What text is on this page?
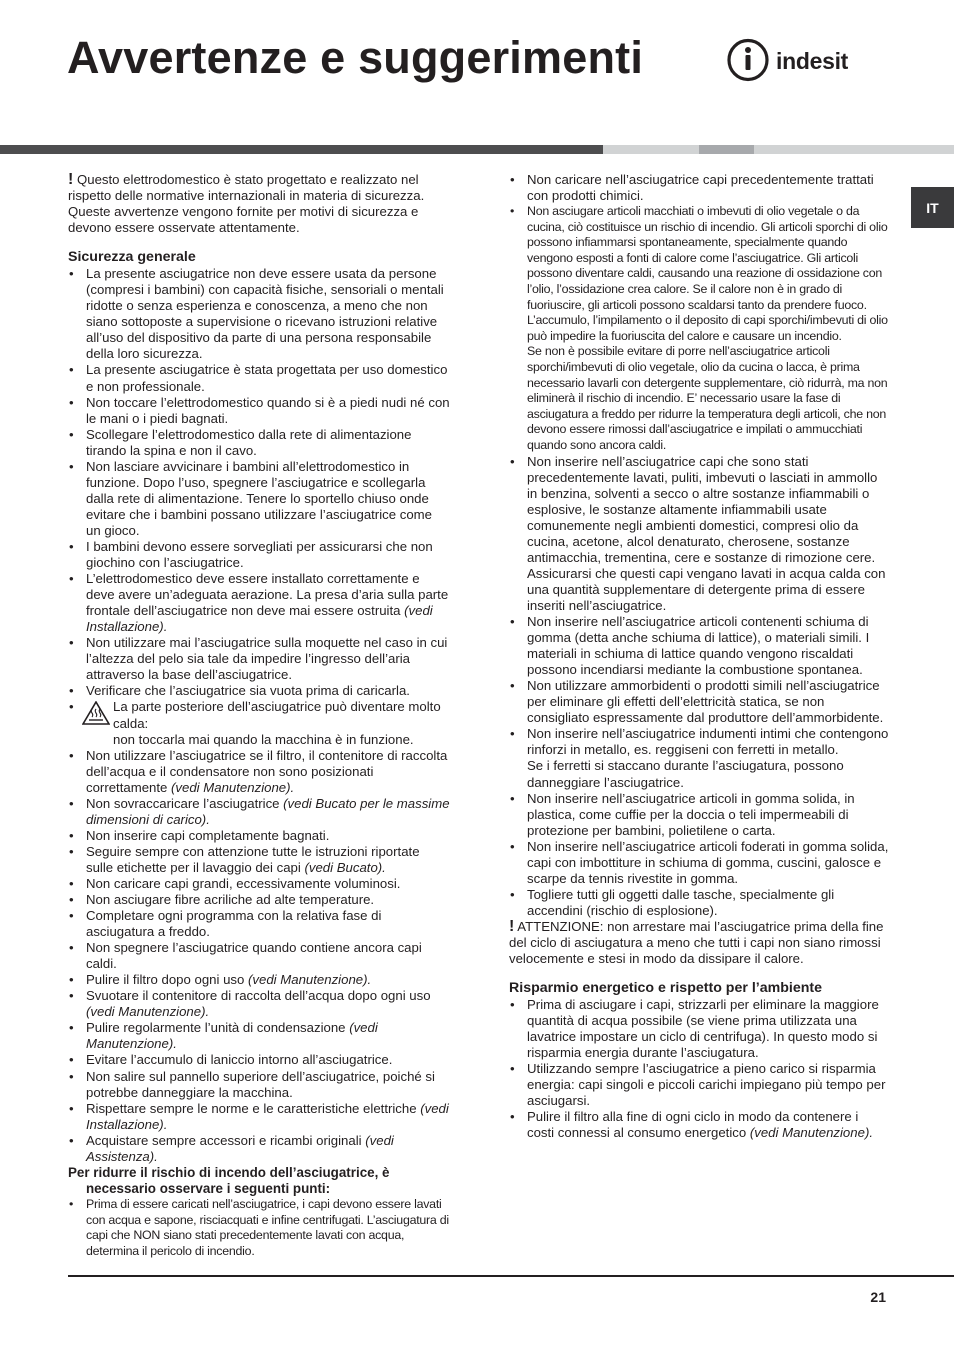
Avvertenze e suggerimenti	indesit
IT

! Questo elettrodomestico è stato progettato e realizzato nel rispetto delle normative internazionali in materia di sicurezza. Queste avvertenze vengono fornite per motivi di sicurezza e devono essere osservate attentamente.

Sicurezza generale
• La presente asciugatrice non deve essere usata da persone (compresi i bambini) con capacità fisiche, sensoriali o mentali ridotte o senza esperienza e conoscenza, a meno che non siano sottoposte a supervisione o ricevano istruzioni relative all’uso del dispositivo da parte di una persona responsabile della loro sicurezza.
• La presente asciugatrice è stata progettata per uso domestico e non professionale.
• Non toccare l’elettrodomestico quando si è a piedi nudi né con le mani o i piedi bagnati.
• Scollegare l’elettrodomestico dalla rete di alimentazione tirando la spina e non il cavo.
• Non lasciare avvicinare i bambini all’elettrodomestico in funzione. Dopo l’uso, spegnere l’asciugatrice e scollegarla dalla rete di alimentazione. Tenere lo sportello chiuso onde evitare che i bambini possano utilizzare l’asciugatrice come un gioco.
• I bambini devono essere sorvegliati per assicurarsi che non giochino con l’asciugatrice.
• L’elettrodomestico deve essere installato correttamente e deve avere un’adeguata aerazione. La presa d’aria sulla parte frontale dell’asciugatrice non deve mai essere ostruita (vedi Installazione).
• Non utilizzare mai l’asciugatrice sulla moquette nel caso in cui l’altezza del pelo sia tale da impedire l’ingresso dell’aria attraverso la base dell’asciugatrice.
• Verificare che l’asciugatrice sia vuota prima di caricarla.
• La parte posteriore dell’asciugatrice può diventare molto calda:
non toccarla mai quando la macchina è in funzione.
• Non utilizzare l’asciugatrice se il filtro, il contenitore di raccolta dell’acqua e il condensatore non sono posizionati correttamente (vedi Manutenzione).
• Non sovraccaricare l’asciugatrice (vedi Bucato per le massime dimensioni di carico).
• Non inserire capi completamente bagnati.
• Seguire sempre con attenzione tutte le istruzioni riportate sulle etichette per il lavaggio dei capi (vedi Bucato).
• Non caricare capi grandi, eccessivamente voluminosi.
• Non asciugare fibre acriliche ad alte temperature.
• Completare ogni programma con la relativa fase di asciugatura a freddo.
• Non spegnere l’asciugatrice quando contiene ancora capi caldi.
• Pulire il filtro dopo ogni uso (vedi Manutenzione).
• Svuotare il contenitore di raccolta dell’acqua dopo ogni uso (vedi Manutenzione).
• Pulire regolarmente l’unità di condensazione (vedi Manutenzione).
• Evitare l’accumulo di laniccio intorno all’asciugatrice.
• Non salire sul pannello superiore dell’asciugatrice, poiché si potrebbe danneggiare la macchina.
• Rispettare sempre le norme e le caratteristiche elettriche (vedi Installazione).
• Acquistare sempre accessori e ricambi originali (vedi Assistenza).

Per ridurre il rischio di incendo dell’asciugatrice, è
necessario osservare i seguenti punti:

• Prima di essere caricati nell’asciugatrice, i capi devono essere lavati con acqua e sapone, risciacquati e infine centrifugati. L’asciugatura di capi che NON siano stati precedentemente lavati con acqua, determina il pericolo di incendio.
• Non caricare nell’asciugatrice capi precedentemente trattati con prodotti chimici.
• Non asciugare articoli macchiati o imbevuti di olio vegetale o da cucina, ciò costituisce un rischio di incendio. Gli articoli sporchi di olio possono infiammarsi spontaneamente, specialmente quando vengono esposti a fonti di calore come l’asciugatrice. Gli articoli possono diventare caldi, causando una reazione di ossidazione con l’olio, l’ossidazione crea calore. Se il calore non è in grado di fuoriuscire, gli articoli possono scaldarsi tanto da prendere fuoco. L’accumulo, l’impilamento o il deposito di capi sporchi/imbevuti di olio può impedire la fuoriuscita del calore e causare un incendio.
Se non è possibile evitare di porre nell’asciugatrice articoli sporchi/imbevuti di olio vegetale, olio da cucina o lacca, è prima necessario lavarli con detergente supplementare, ciò ridurrà, ma non eliminerà il rischio di incendio. E’ necessario usare la fase di asciugatura a freddo per ridurre la temperatura degli articoli, che non devono essere rimossi dall’asciugatrice e impilati o ammucchiati quando sono ancora caldi.
• Non inserire nell’asciugatrice capi che sono stati precedentemente lavati, puliti, imbevuti o lasciati in ammollo in benzina, solventi a secco o altre sostanze infiammabili o esplosive, le sostanze altamente infiammabili usate comunemente negli ambienti domestici, compresi olio da cucina, acetone, alcol denaturato, cherosene, sostanze antimacchia, trementina, cere e sostanze di rimozione cere. Assicurarsi che questi capi vengano lavati in acqua calda con una quantità supplementare di detergente prima di essere inseriti nell’asciugatrice.
• Non inserire nell’asciugatrice articoli contenenti schiuma di gomma (detta anche schiuma di lattice), o materiali simili. I materiali in schiuma di lattice quando vengono riscaldati possono incendiarsi mediante la combustione spontanea.
• Non utilizzare ammorbidenti o prodotti simili nell’asciugatrice per eliminare gli effetti dell’elettricità statica, se non consigliato espressamente dal produttore dell’ammorbidente.
• Non inserire nell’asciugatrice indumenti intimi che contengono rinforzi in metallo, es. reggiseni con ferretti in metallo.
Se i ferretti si staccano durante l’asciugatura, possono danneggiare l’asciugatrice.
• Non inserire nell’asciugatrice articoli in gomma solida, in plastica, come cuffie per la doccia o teli impermeabili di protezione per bambini, polietilene o carta.
• Non inserire nell’asciugatrice articoli foderati in gomma solida, capi con imbottiture in schiuma di gomma, cuscini, galosce e scarpe da tennis rivestite in gomma.
• Togliere tutti gli oggetti dalle tasche, specialmente gli accendini (rischio di esplosione).

! ATTENZIONE: non arrestare mai l’asciugatrice prima della fine del ciclo di asciugatura a meno che tutti i capi non siano rimossi velocemente e stesi in modo da dissipare il calore.

Risparmio energetico e rispetto per l’ambiente
• Prima di asciugare i capi, strizzarli per eliminare la maggiore quantità di acqua possibile (se viene prima utilizzata una lavatrice impostare un ciclo di centrifuga). In questo modo si risparmia energia durante l’asciugatura.
• Utilizzando sempre l’asciugatrice a pieno carico si risparmia energia: capi singoli e piccoli carichi impiegano più tempo per asciugarsi.
• Pulire il filtro alla fine di ogni ciclo in modo da contenere i costi connessi al consumo energetico (vedi Manutenzione).
21
